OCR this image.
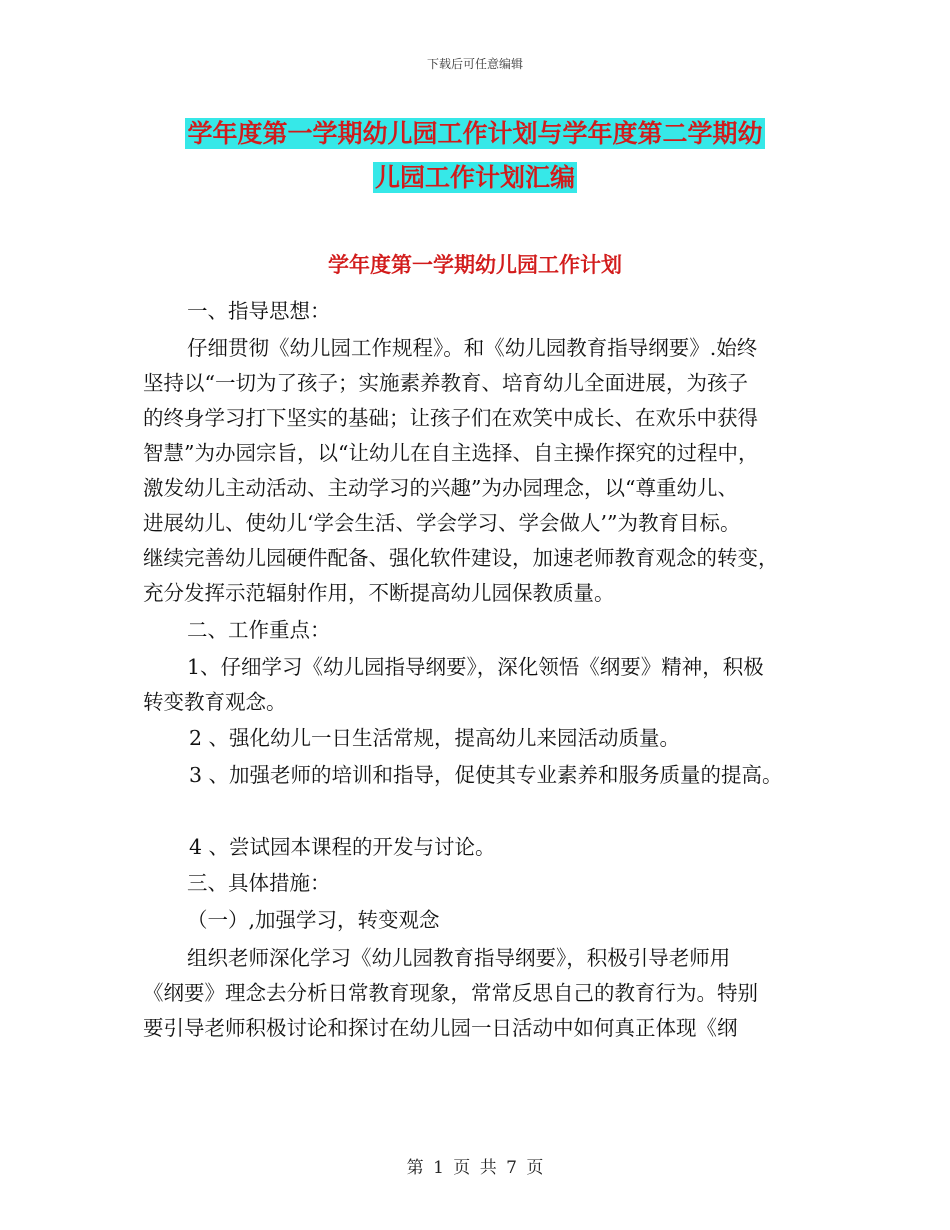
下载后可任意编辑
学年度第一学期幼儿园工作计划与学年度第二学期幼
儿园工作计划汇编
学年度第一学期幼儿园工作计划
一、指导思想：
仔细贯彻《幼儿园工作规程》。和《幼儿园教育指导纲要》.始终
坚持以“一切为了孩子；实施素养教育、培育幼儿全面进展，为孩子
的终身学习打下坚实的基础；让孩子们在欢笑中成长、在欢乐中获得
智慧”为办园宗旨，以“让幼儿在自主选择、自主操作探究的过程中，
激发幼儿主动活动、主动学习的兴趣”为办园理念，以“尊重幼儿、
进展幼儿、使幼儿‘学会生活、学会学习、学会做人’”为教育目标。
继续完善幼儿园硬件配备、强化软件建设，加速老师教育观念的转变，
充分发挥示范辐射作用，不断提高幼儿园保教质量。
二、工作重点：
1、仔细学习《幼儿园指导纲要》，深化领悟《纲要》精神，积极
转变教育观念。
2 、强化幼儿一日生活常规，提高幼儿来园活动质量。
3 、加强老师的培训和指导，促使其专业素养和服务质量的提高。
4 、尝试园本课程的开发与讨论。
三、具体措施：
（一）,加强学习，转变观念
组织老师深化学习《幼儿园教育指导纲要》，积极引导老师用
《纲要》理念去分析日常教育现象，常常反思自己的教育行为。特别
要引导老师积极讨论和探讨在幼儿园一日活动中如何真正体现《纲
第 1 页 共 7 页
